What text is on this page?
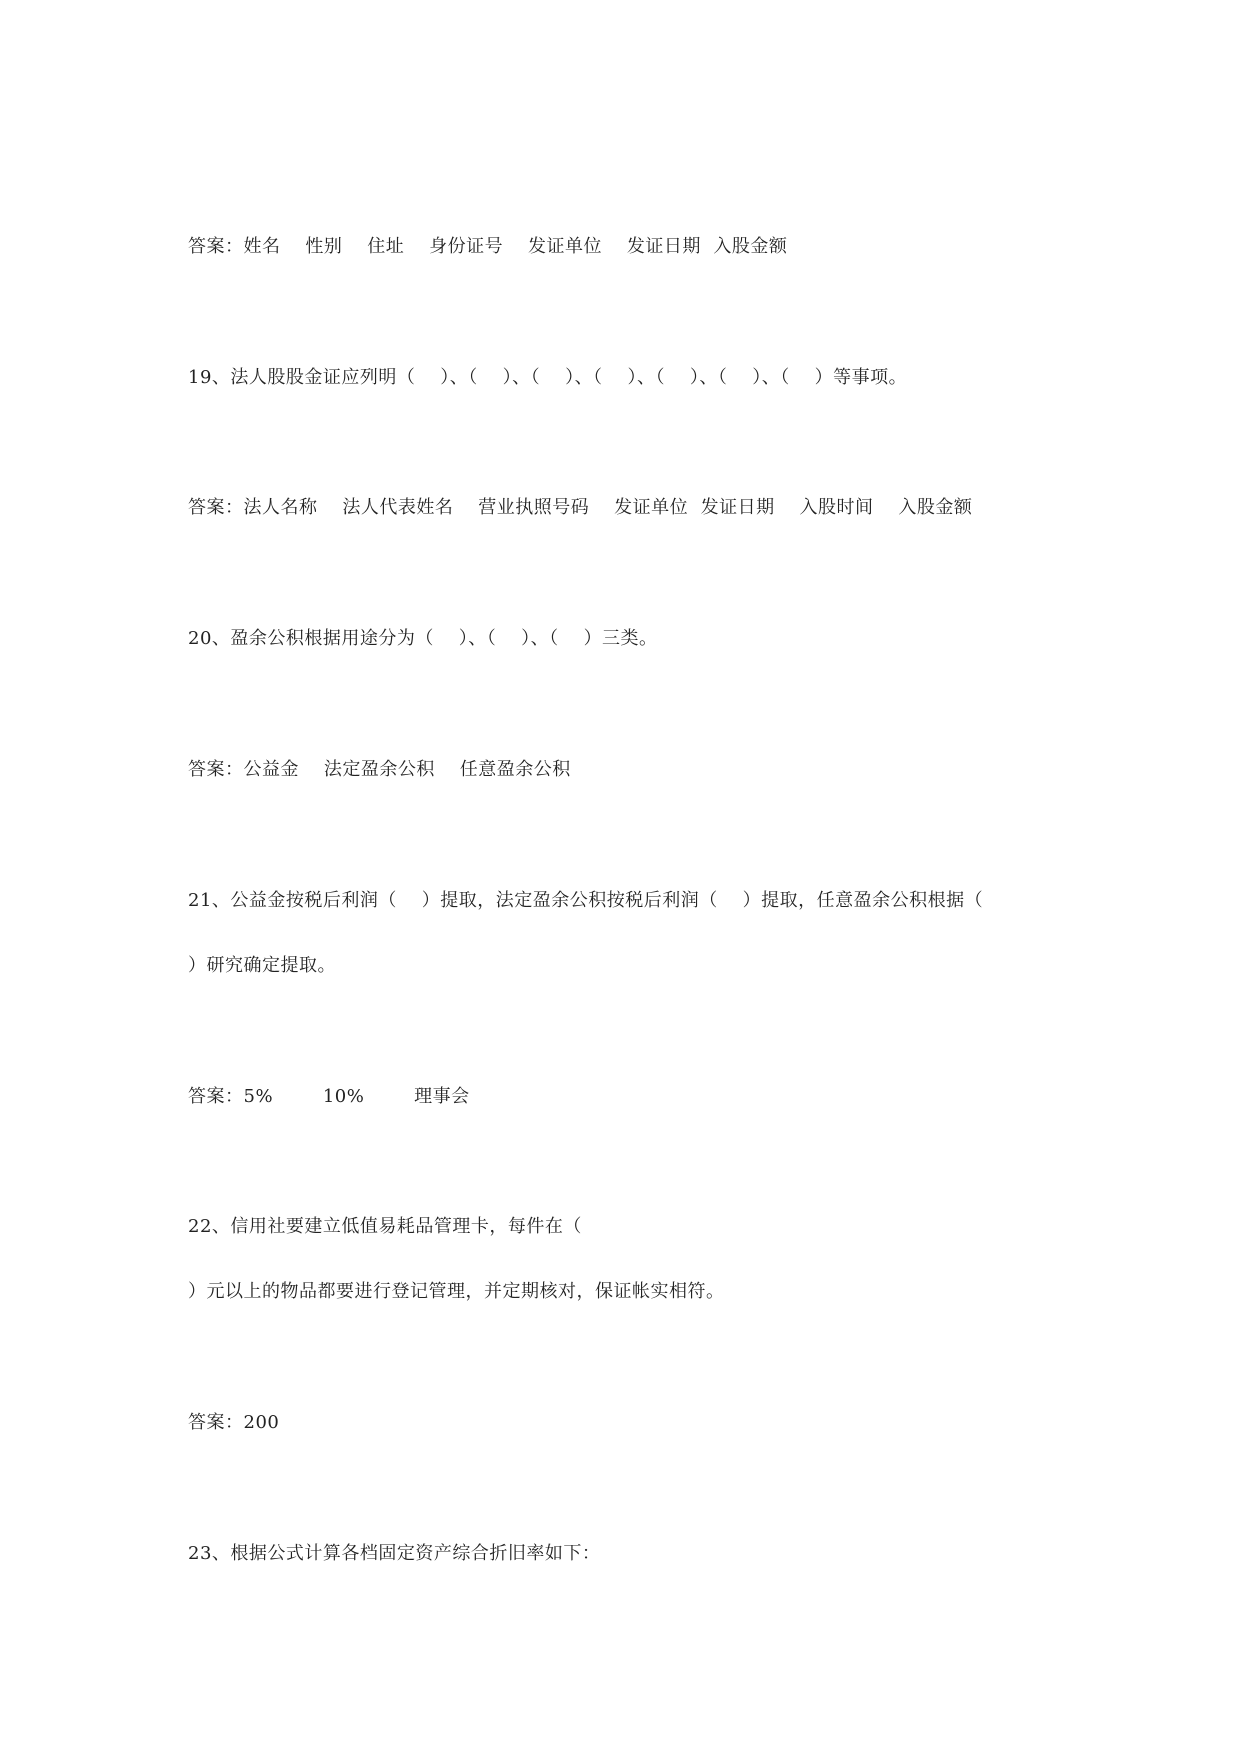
答案：姓名    性别    住址    身份证号    发证单位    发证日期  入股金额
19、法人股股金证应列明（    ）、（    ）、（    ）、（    ）、（    ）、（    ）、（    ）等事项。
答案：法人名称    法人代表姓名    营业执照号码    发证单位  发证日期    入股时间    入股金额
20、盈余公积根据用途分为（    ）、（    ）、（    ）三类。
答案：公益金    法定盈余公积    任意盈余公积
21、公益金按税后利润（    ）提取，法定盈余公积按税后利润（    ）提取，任意盈余公积根据（
）研究确定提取。
答案：5%        10%        理事会
22、信用社要建立低值易耗品管理卡，每件在（
）元以上的物品都要进行登记管理，并定期核对，保证帐实相符。
答案：200
23、根据公式计算各档固定资产综合折旧率如下：
